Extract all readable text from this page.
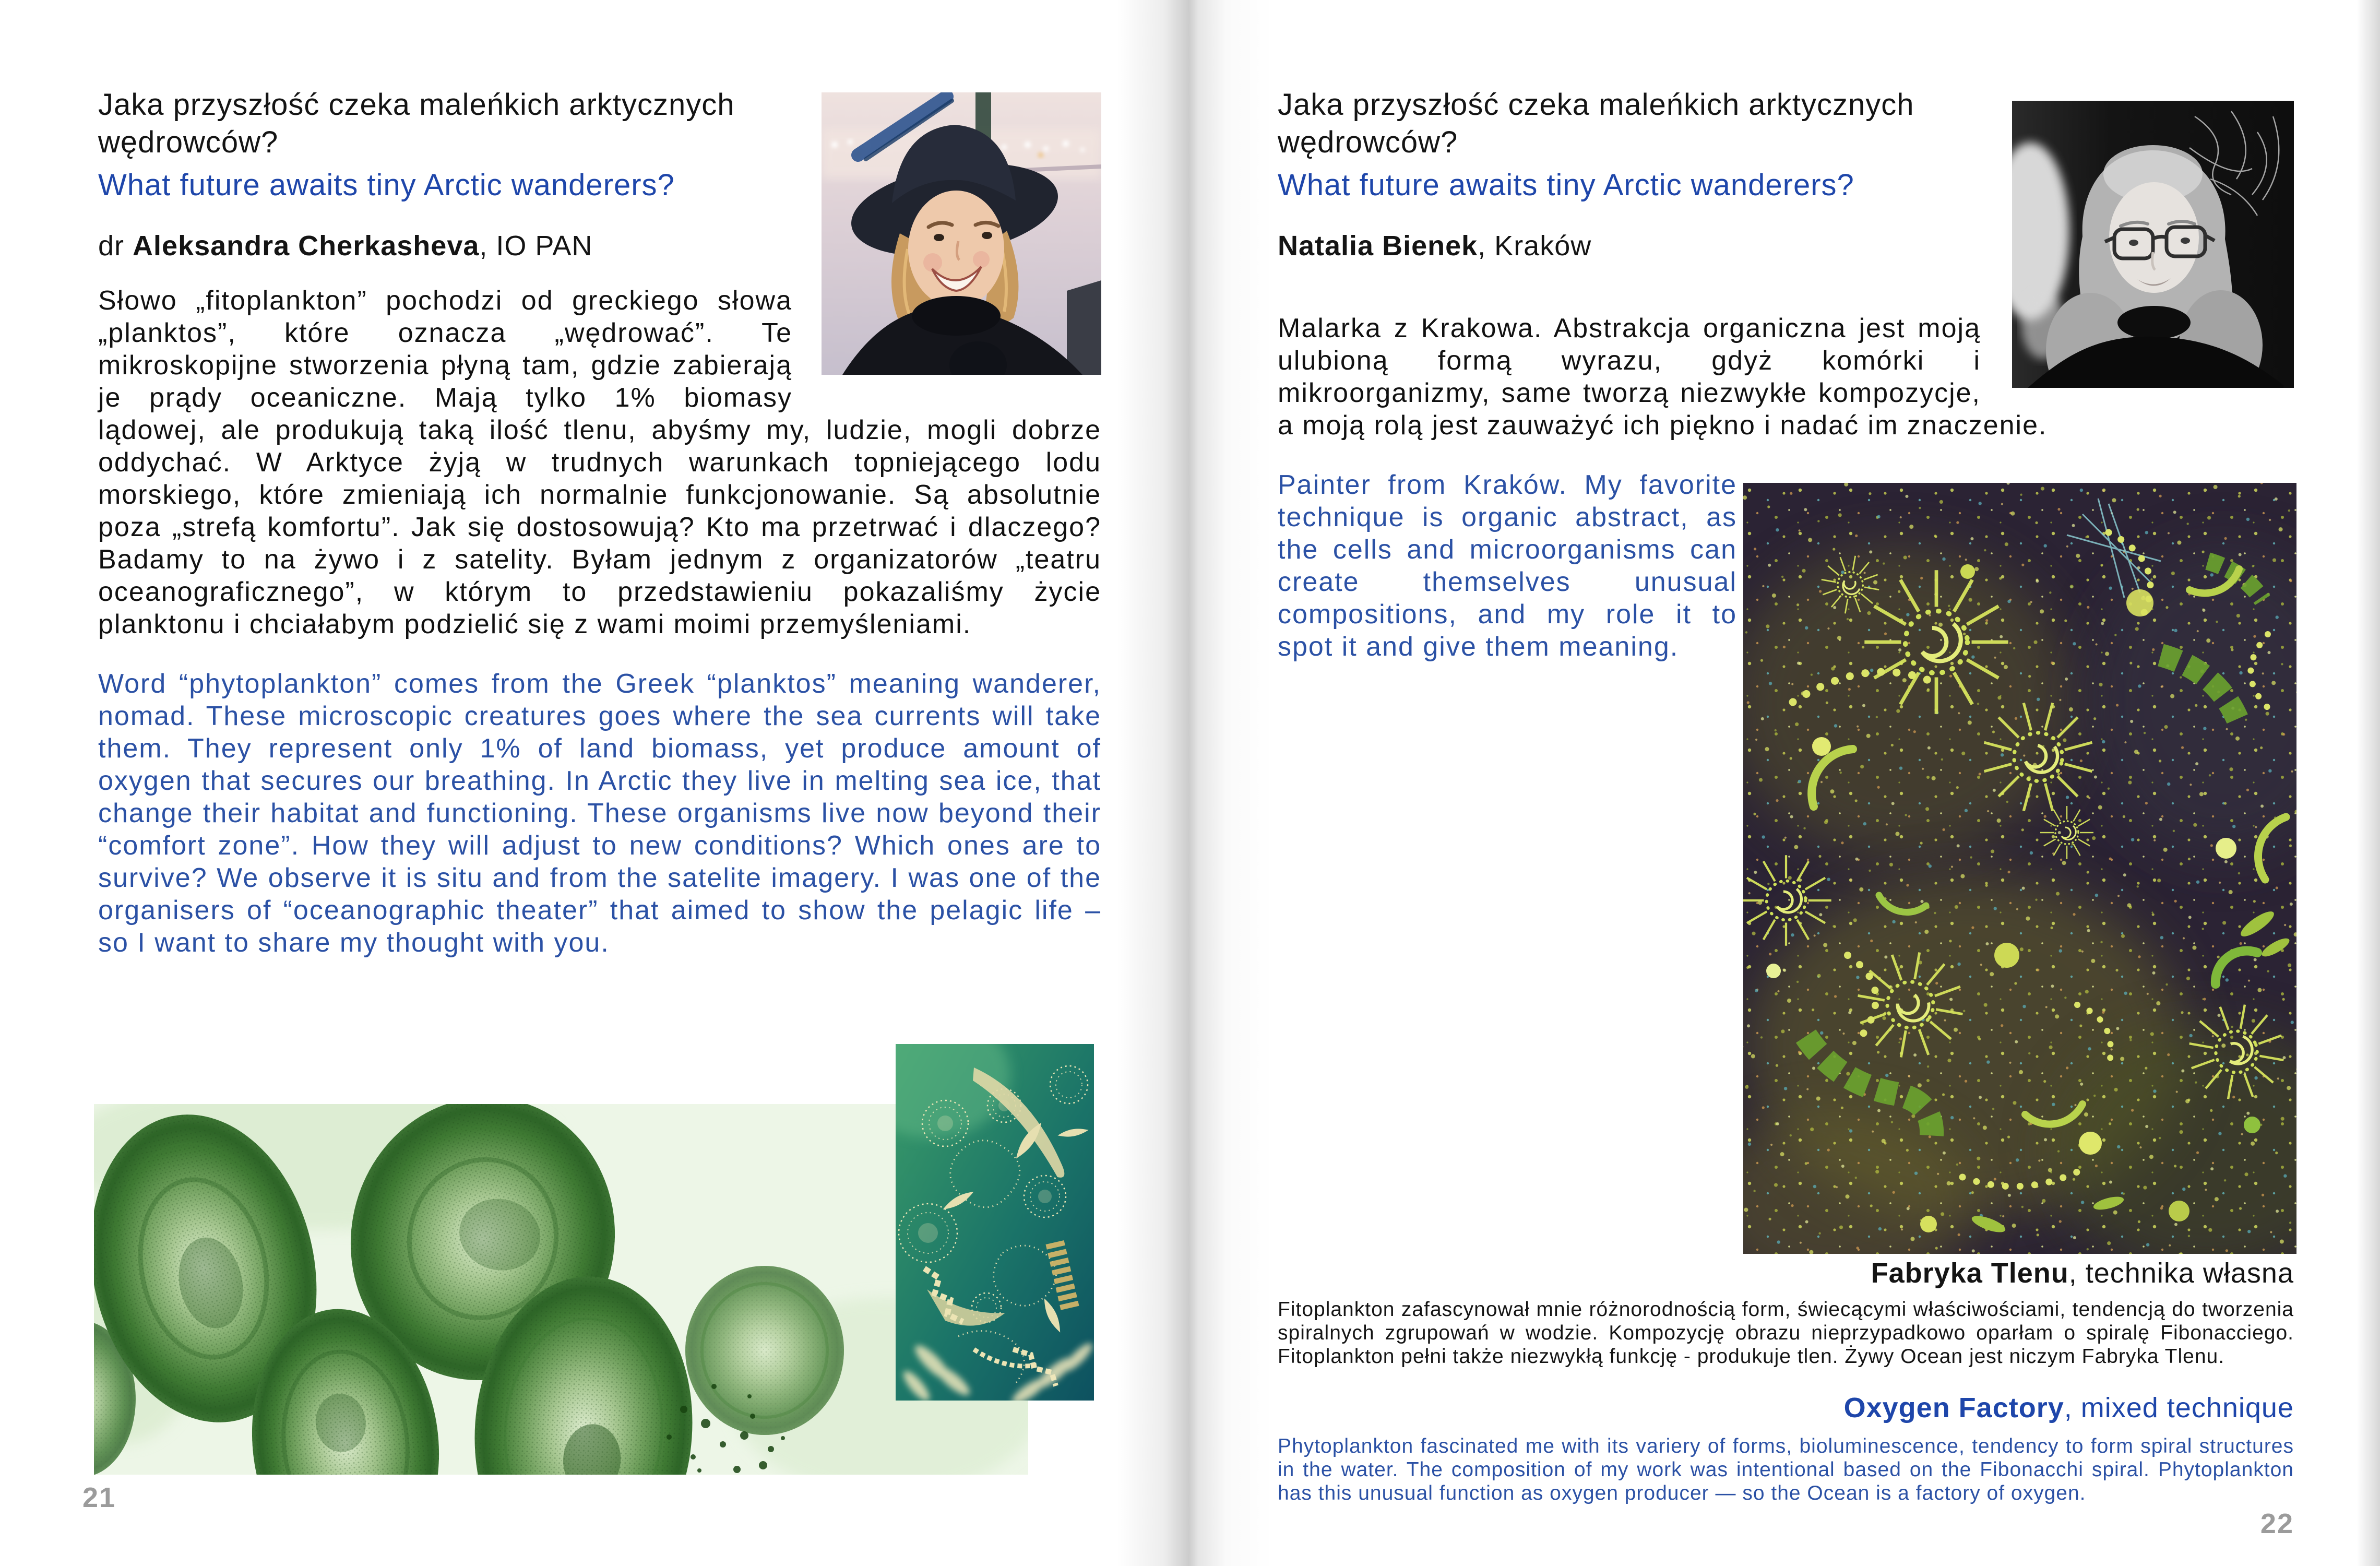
Jaka przyszłość czeka maleńkich arktycznych wędrowców?
What future awaits tiny Arctic wanderers?
dr Aleksandra Cherkasheva, IO PAN

Słowo „fitoplankton” pochodzi od greckiego słowa „planktos”, które oznacza „wędrować”. Te mikroskopijne stworzenia płyną tam, gdzie zabierają je prądy oceaniczne. Mają tylko 1% biomasy lądowej, ale produkują taką ilość tlenu, abyśmy my, ludzie, mogli dobrze oddychać. W Arktyce żyją w trudnych warunkach topniejącego lodu morskiego, które zmieniają ich normalnie funkcjonowanie. Są absolutnie poza „strefą komfortu”. Jak się dostosowują? Kto ma przetrwać i dlaczego? Badamy to na żywo i z satelity. Byłam jednym z organizatorów „teatru oceanograficznego”, w którym to przedstawieniu pokazaliśmy życie planktonu i chciałabym podzielić się z wami moimi przemyśleniami.

Word “phytoplankton” comes from the Greek “planktos” meaning wanderer, nomad. These microscopic creatures goes where the sea currents will take them. They represent only 1% of land biomass, yet produce amount of oxygen that secures our breathing. In Arctic they live in melting sea ice, that change their habitat and functioning. These organisms live now beyond their “comfort zone”. How they will adjust to new conditions? Which ones are to survive? We observe it is situ and from the satelite imagery. I was one of the organisers of “oceanographic theater” that aimed to show the pelagic life – so I want to share my thought with you.

21
Jaka przyszłość czeka maleńkich arktycznych wędrowców?
What future awaits tiny Arctic wanderers?
Natalia Bienek, Kraków

Malarka z Krakowa. Abstrakcja organiczna jest moją ulubioną formą wyrazu, gdyż komórki i mikroorganizmy, same tworzą niezwykłe kompozycje, a moją rolą jest zauważyć ich piękno i nadać im znaczenie.

Painter from Kraków. My favorite technique is organic abstract, as the cells and microorganisms can create themselves unusual compositions, and my role it to spot it and give them meaning.

Fabryka Tlenu, technika własna

Fitoplankton zafascynował mnie różnorodnością form, świecącymi właściwościami, tendencją do tworzenia spiralnych zgrupowań w wodzie. Kompozycję obrazu nieprzypadkowo oparłam o spiralę Fibonacciego. Fitoplankton pełni także niezwykłą funkcję - produkuje tlen. Żywy Ocean jest niczym Fabryka Tlenu.

Oxygen Factory, mixed technique

Phytoplankton fascinated me with its variery of forms, bioluminescence, tendency to form spiral structures in the water. The composition of my work was intentional based on the Fibonacchi spiral. Phytoplankton has this unusual function as oxygen producer — so the Ocean is a factory of oxygen.

22
